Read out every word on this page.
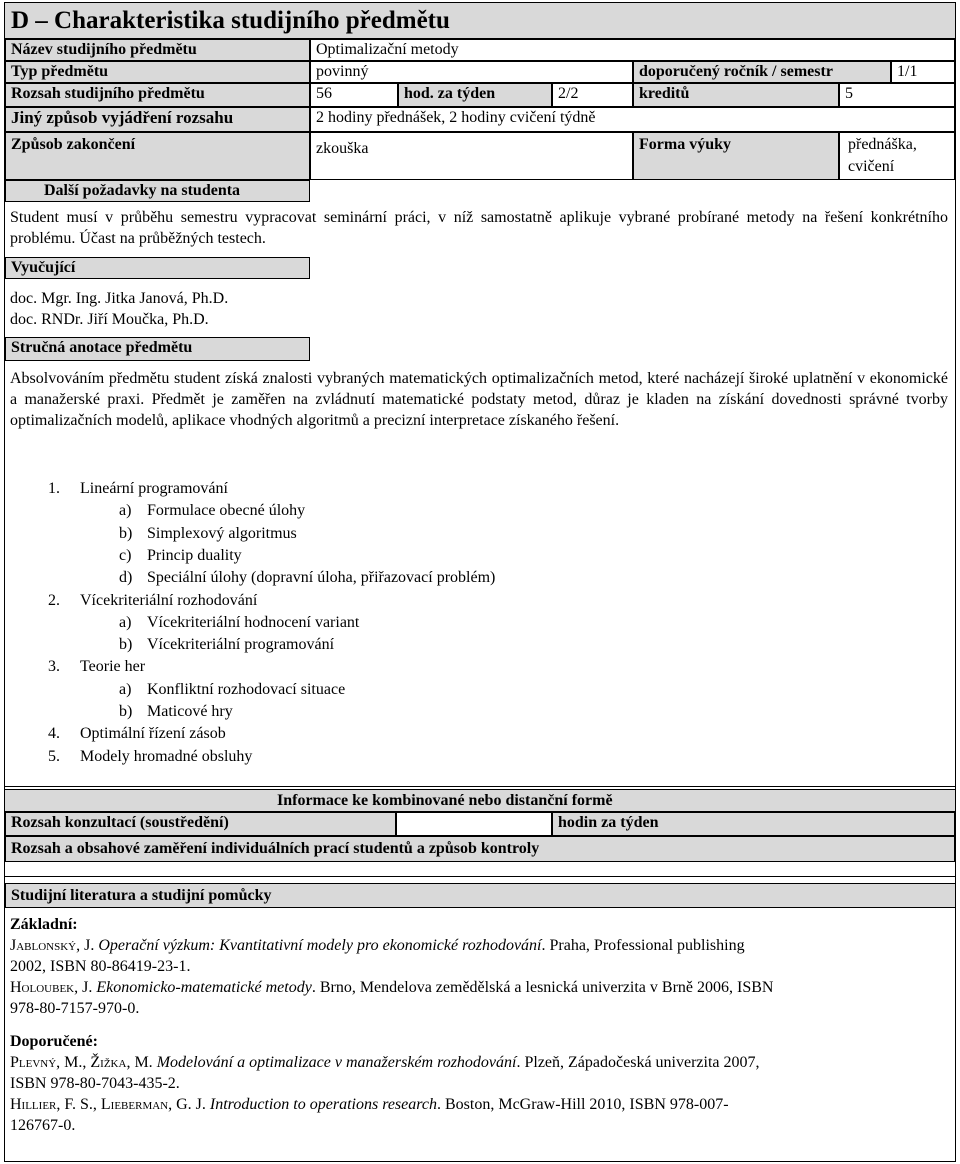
D – Charakteristika studijního předmětu
Název studijního předmětu	Optimalizační metody
Typ předmětu	povinný	doporučený ročník / semestr	1/1
Rozsah studijního předmětu	56	hod. za týden	2/2	kreditů	5
Jiný způsob vyjádření rozsahu	2 hodiny přednášek, 2 hodiny cvičení týdně
Způsob zakončení	zkouška	Forma výuky	přednáška,
cvičení
Další požadavky na studenta
Student musí v průběhu semestru vypracovat seminární práci, v níž samostatně aplikuje vybrané probírané metody na řešení konkrétního problému. Účast na průběžných testech.
Vyučující
doc. Mgr. Ing. Jitka Janová, Ph.D.
doc. RNDr. Jiří Moučka, Ph.D.
Stručná anotace předmětu
Absolvováním předmětu student získá znalosti vybraných matematických optimalizačních metod, které nacházejí široké uplatnění v ekonomické a manažerské praxi. Předmět je zaměřen na zvládnutí matematické podstaty metod, důraz je kladen na získání dovednosti správné tvorby optimalizačních modelů, aplikace vhodných algoritmů a precizní interpretace získaného řešení.
1. Lineární programování
a) Formulace obecné úlohy
b) Simplexový algoritmus
c) Princip duality
d) Speciální úlohy (dopravní úloha, přiřazovací problém)
2. Vícekriteriální rozhodování
a) Vícekriteriální hodnocení variant
b) Vícekriteriální programování
3. Teorie her
a) Konfliktní rozhodovací situace
b) Maticové hry
4. Optimální řízení zásob
5. Modely hromadné obsluhy
Informace ke kombinované nebo distanční formě
Rozsah konzultací (soustředění)	hodin za týden
Rozsah a obsahové zaměření individuálních prací studentů a způsob kontroly
Studijní literatura a studijní pomůcky
Základní:
Jablonský, J. Operační výzkum: Kvantitativní modely pro ekonomické rozhodování. Praha, Professional publishing
2002, ISBN 80-86419-23-1.
Holoubek, J. Ekonomicko-matematické metody. Brno, Mendelova zemědělská a lesnická univerzita v Brně 2006, ISBN
978-80-7157-970-0.
Doporučené:
Plevný, M., Žižka, M. Modelování a optimalizace v manažerském rozhodování. Plzeň, Západočeská univerzita 2007,
ISBN 978-80-7043-435-2.
Hillier, F. S., Lieberman, G. J. Introduction to operations research. Boston, McGraw-Hill 2010, ISBN 978-007-
126767-0.
